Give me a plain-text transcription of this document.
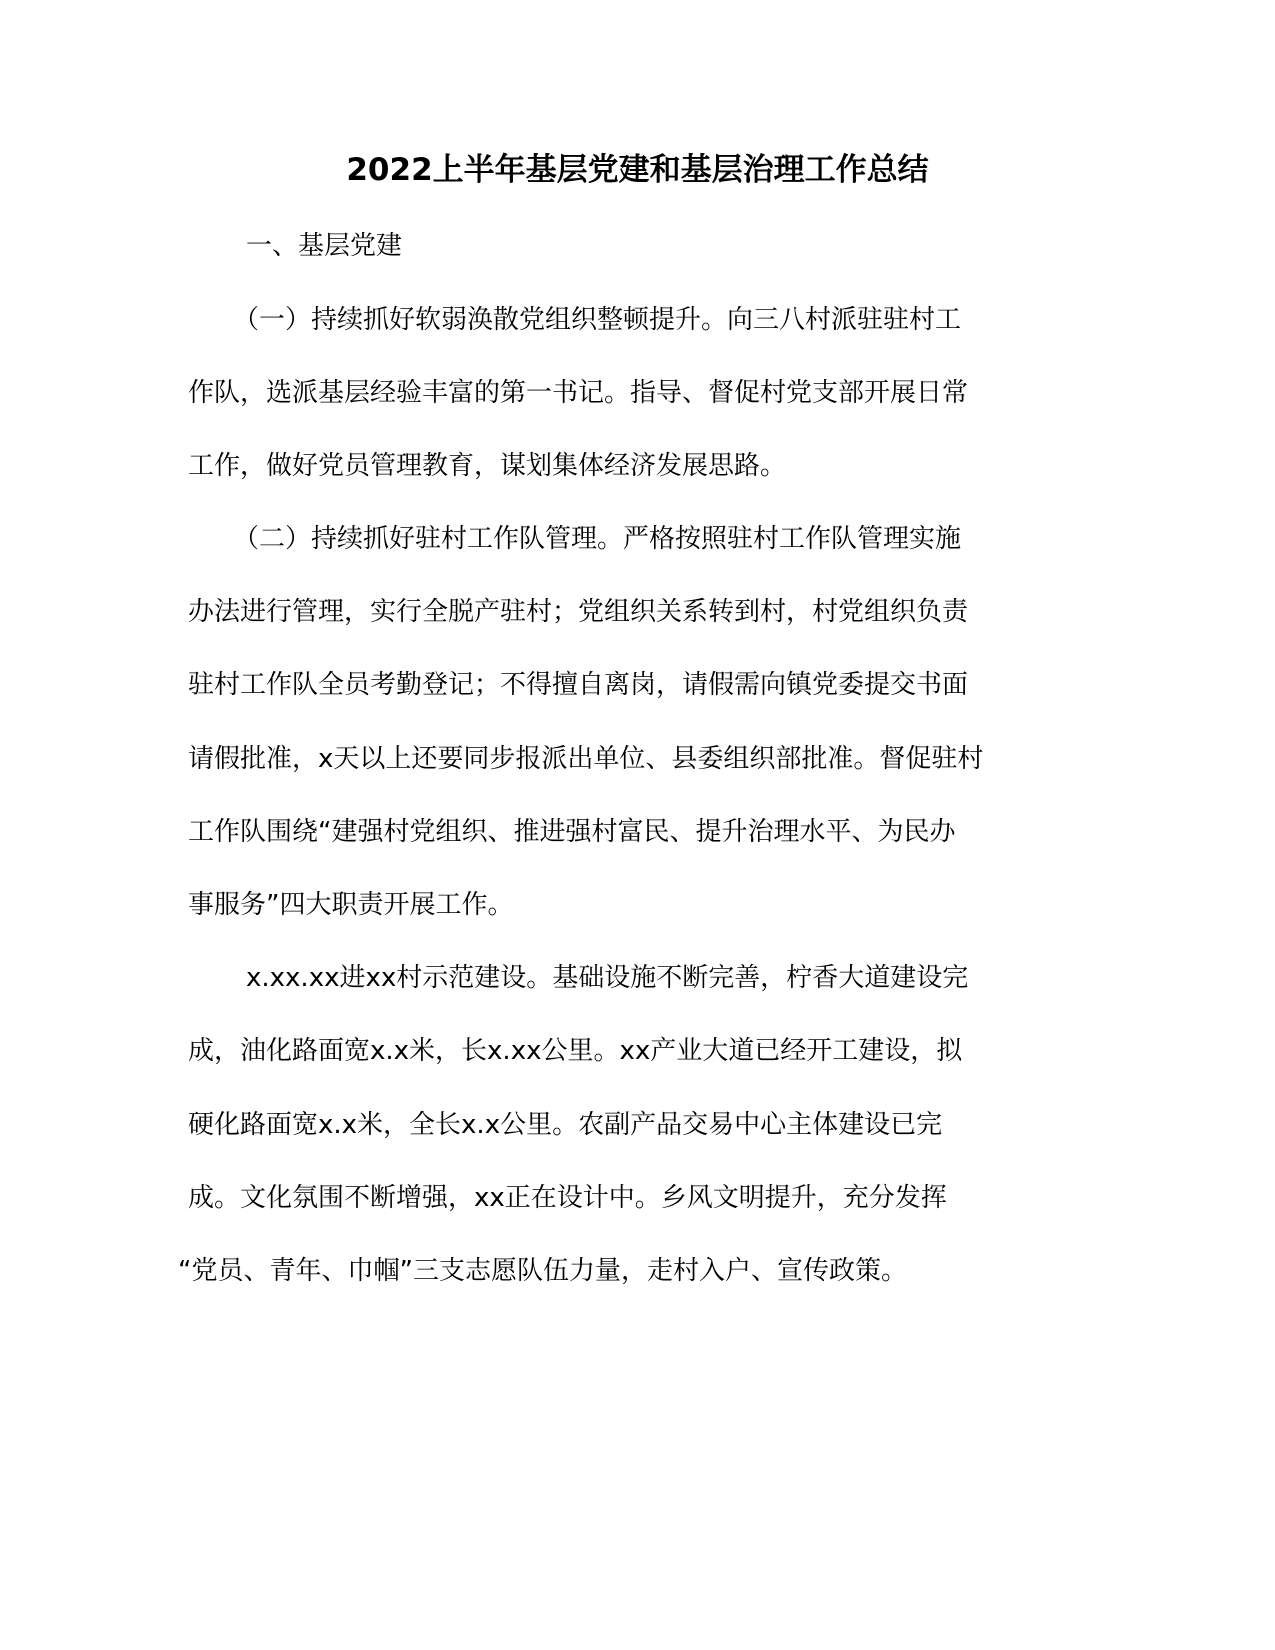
2022上半年基层党建和基层治理工作总结
一、基层党建
（一）持续抓好软弱涣散党组织整顿提升。向三八村派驻驻村工
作队，选派基层经验丰富的第一书记。指导、督促村党支部开展日常
工作，做好党员管理教育，谋划集体经济发展思路。
（二）持续抓好驻村工作队管理。严格按照驻村工作队管理实施
办法进行管理，实行全脱产驻村；党组织关系转到村，村党组织负责
驻村工作队全员考勤登记；不得擅自离岗，请假需向镇党委提交书面
请假批准，x天以上还要同步报派出单位、县委组织部批准。督促驻村
工作队围绕“建强村党组织、推进强村富民、提升治理水平、为民办
事服务”四大职责开展工作。
x.xx.xx进xx村示范建设。基础设施不断完善，柠香大道建设完
成，油化路面宽x.x米，长x.xx公里。xx产业大道已经开工建设，拟
硬化路面宽x.x米，全长x.x公里。农副产品交易中心主体建设已完
成。文化氛围不断增强，xx正在设计中。乡风文明提升，充分发挥
“党员、青年、巾帼”三支志愿队伍力量，走村入户、宣传政策。
